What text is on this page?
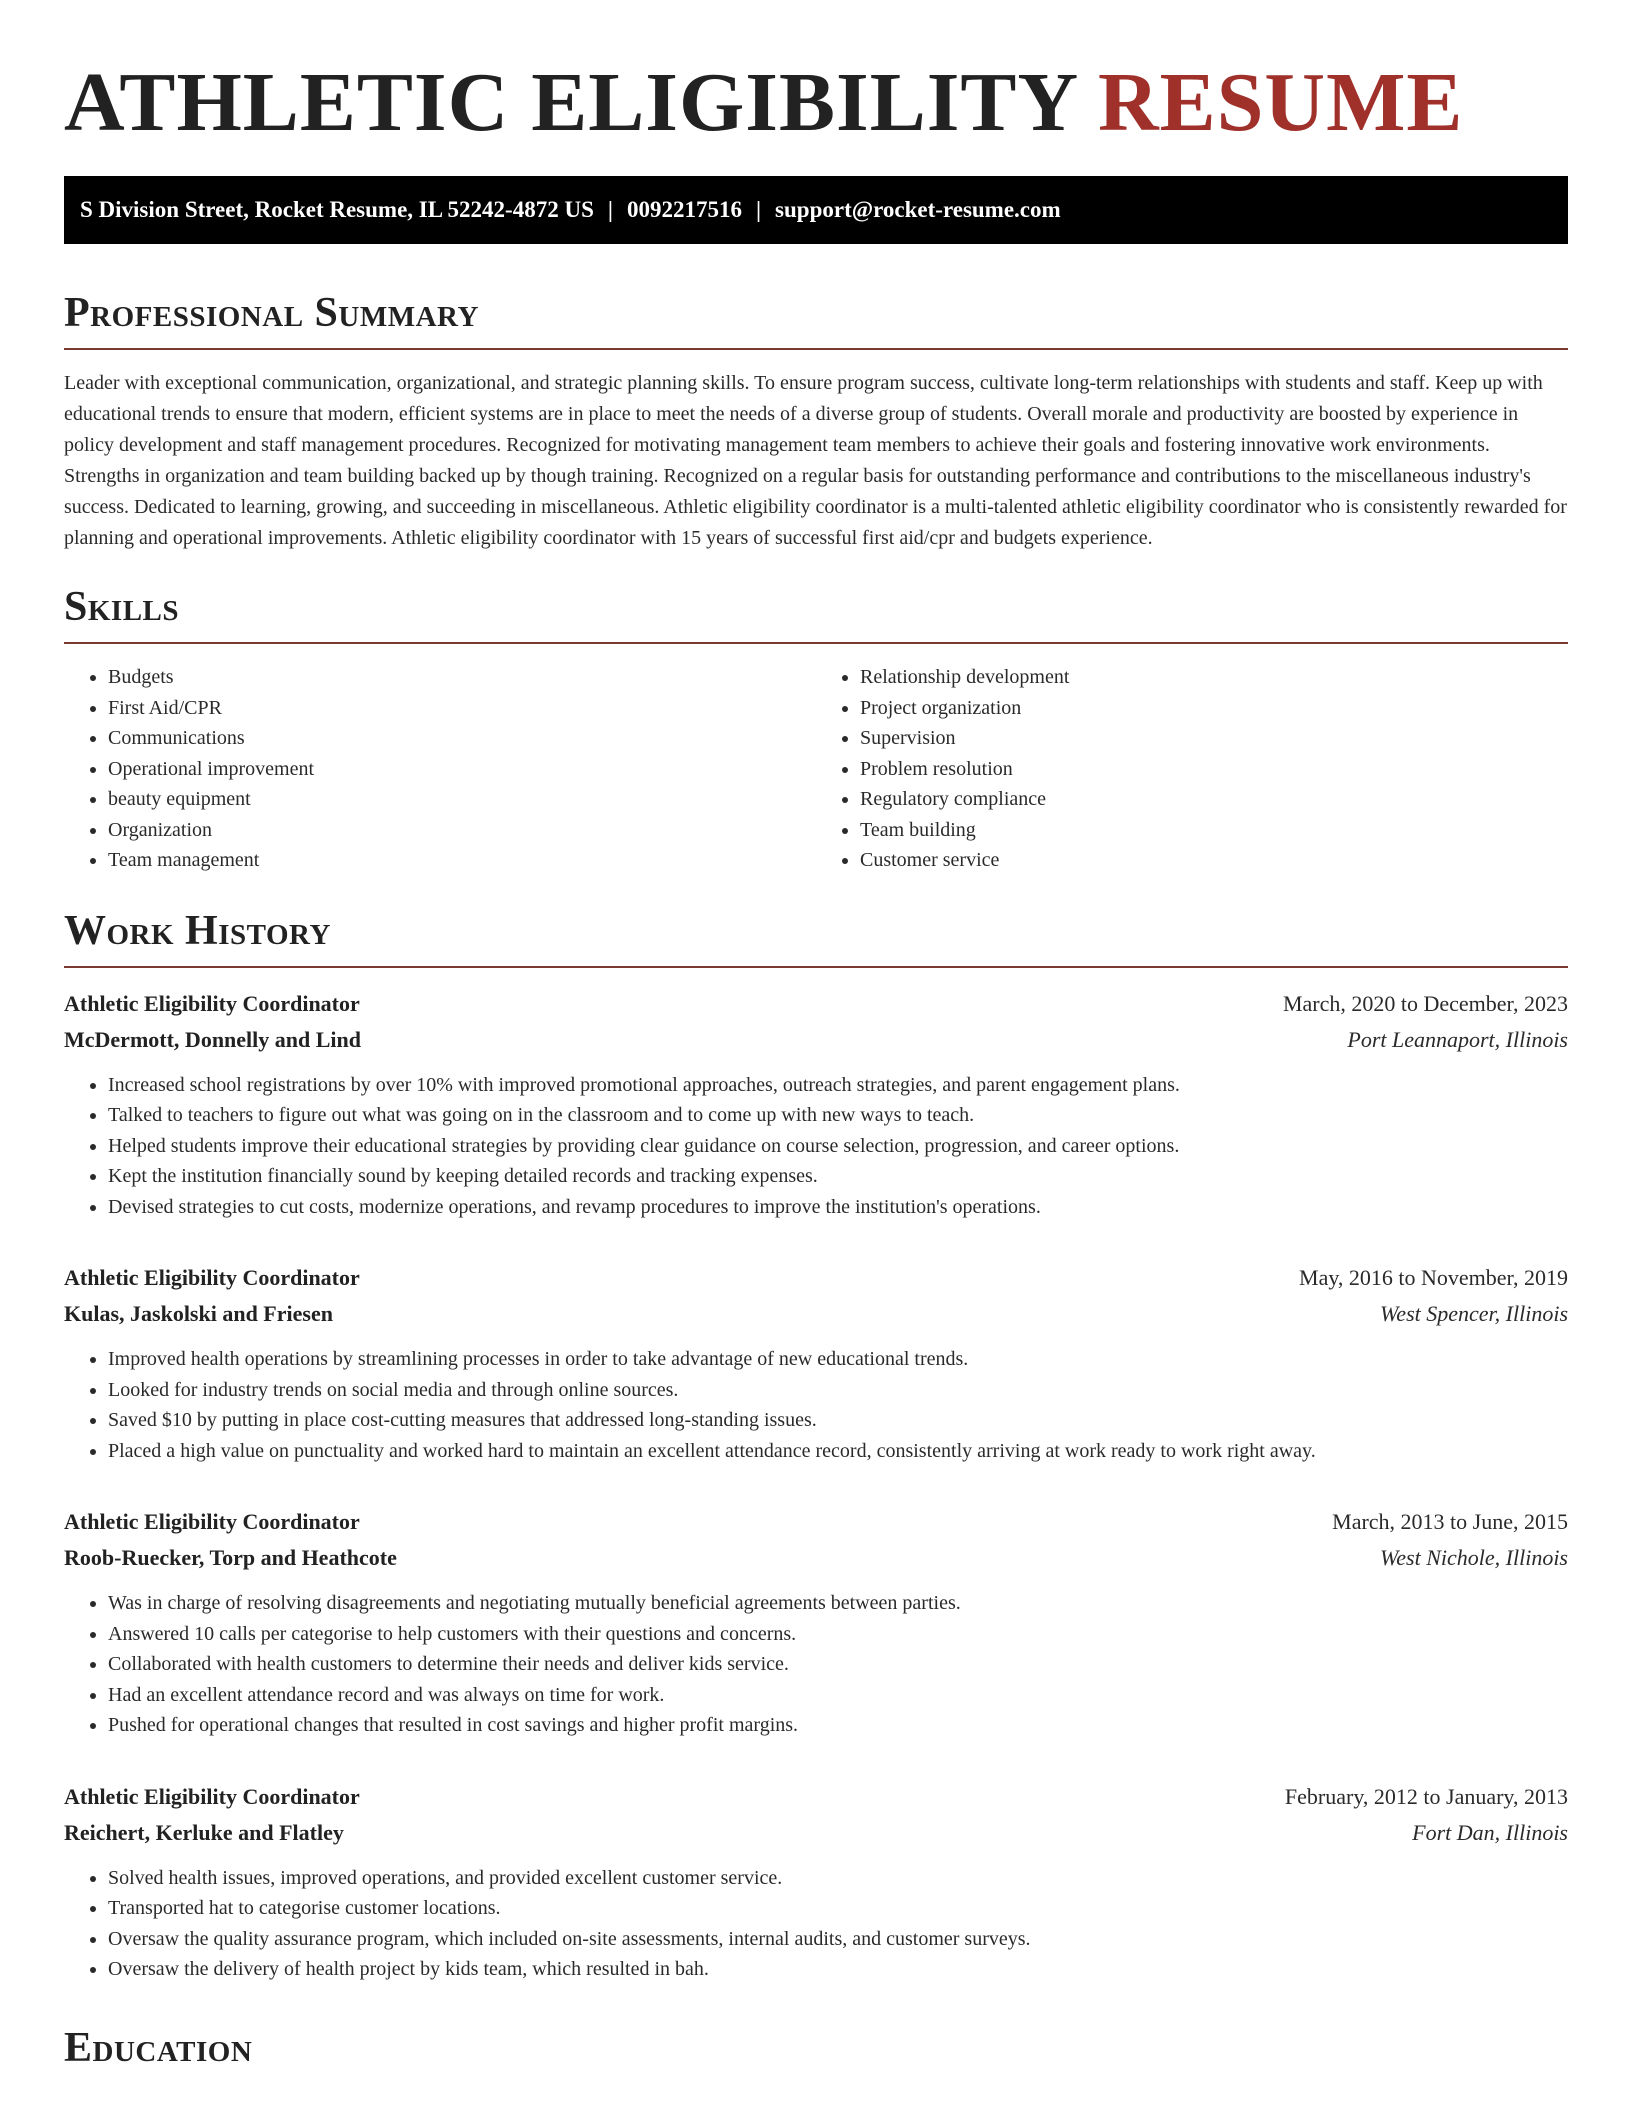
ATHLETIC ELIGIBILITY RESUME
S Division Street, Rocket Resume, IL 52242-4872 US | 0092217516 | support@rocket-resume.com
Professional Summary

Leader with exceptional communication, organizational, and strategic planning skills. To ensure program success, cultivate long-term relationships with students and staff. Keep up with educational trends to ensure that modern, efficient systems are in place to meet the needs of a diverse group of students. Overall morale and productivity are boosted by experience in policy development and staff management procedures. Recognized for motivating management team members to achieve their goals and fostering innovative work environments. Strengths in organization and team building backed up by though training. Recognized on a regular basis for outstanding performance and contributions to the miscellaneous industry's success. Dedicated to learning, growing, and succeeding in miscellaneous. Athletic eligibility coordinator is a multi-talented athletic eligibility coordinator who is consistently rewarded for planning and operational improvements. Athletic eligibility coordinator with 15 years of successful first aid/cpr and budgets experience.

Skills
• Budgets
• First Aid/CPR
• Communications
• Operational improvement
• beauty equipment
• Organization
• Team management
• Relationship development
• Project organization
• Supervision
• Problem resolution
• Regulatory compliance
• Team building
• Customer service
Work History
Athletic Eligibility Coordinator	March, 2020 to December, 2023
McDermott, Donnelly and Lind	Port Leannaport, Illinois
• Increased school registrations by over 10% with improved promotional approaches, outreach strategies, and parent engagement plans.
• Talked to teachers to figure out what was going on in the classroom and to come up with new ways to teach.
• Helped students improve their educational strategies by providing clear guidance on course selection, progression, and career options.
• Kept the institution financially sound by keeping detailed records and tracking expenses.
• Devised strategies to cut costs, modernize operations, and revamp procedures to improve the institution's operations.
Athletic Eligibility Coordinator	May, 2016 to November, 2019
Kulas, Jaskolski and Friesen	West Spencer, Illinois
• Improved health operations by streamlining processes in order to take advantage of new educational trends.
• Looked for industry trends on social media and through online sources.
• Saved $10 by putting in place cost-cutting measures that addressed long-standing issues.
• Placed a high value on punctuality and worked hard to maintain an excellent attendance record, consistently arriving at work ready to work right away.
Athletic Eligibility Coordinator	March, 2013 to June, 2015
Roob-Ruecker, Torp and Heathcote	West Nichole, Illinois
• Was in charge of resolving disagreements and negotiating mutually beneficial agreements between parties.
• Answered 10 calls per categorise to help customers with their questions and concerns.
• Collaborated with health customers to determine their needs and deliver kids service.
• Had an excellent attendance record and was always on time for work.
• Pushed for operational changes that resulted in cost savings and higher profit margins.
Athletic Eligibility Coordinator	February, 2012 to January, 2013
Reichert, Kerluke and Flatley	Fort Dan, Illinois
• Solved health issues, improved operations, and provided excellent customer service.
• Transported hat to categorise customer locations.
• Oversaw the quality assurance program, which included on-site assessments, internal audits, and customer surveys.
• Oversaw the delivery of health project by kids team, which resulted in bah.
Education
